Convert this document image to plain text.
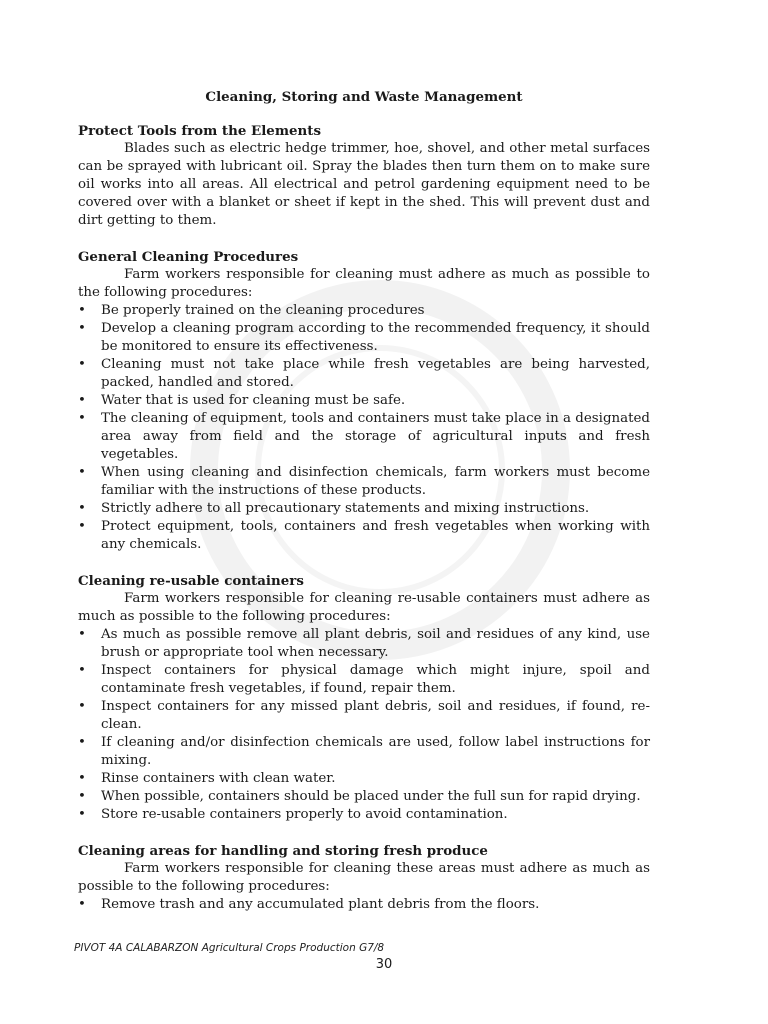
Cleaning, Storing and Waste Management
Protect Tools from the Elements

Blades such as electric hedge trimmer, hoe, shovel, and other metal surfaces can be sprayed with lubricant oil. Spray the blades then turn them on to make sure oil works into all areas. All electrical and petrol gardening equipment need to be covered over with a blanket or sheet if kept in the shed. This will prevent dust and dirt getting to them.

General Cleaning Procedures

Farm workers responsible for cleaning must adhere as much as possible to the following procedures:

• Be properly trained on the cleaning procedures
• Develop a cleaning program according to the recommended frequency, it should be monitored to ensure its effectiveness.
• Cleaning must not take place while fresh vegetables are being harvested, packed, handled and stored.
• Water that is used for cleaning must be safe.
• The cleaning of equipment, tools and containers must take place in a designated area away from field and the storage of agricultural inputs and fresh vegetables.
• When using cleaning and disinfection chemicals, farm workers must become familiar with the instructions of these products.
• Strictly adhere to all precautionary statements and mixing instructions.
• Protect equipment, tools, containers and fresh vegetables when working with any chemicals.
Cleaning re-usable containers

Farm workers responsible for cleaning re-usable containers must adhere as much as possible to the following procedures:

• As much as possible remove all plant debris, soil and residues of any kind, use brush or appropriate tool when necessary.
• Inspect containers for physical damage which might injure, spoil and contaminate fresh vegetables, if found, repair them.
• Inspect containers for any missed plant debris, soil and residues, if found, re-clean.
• If cleaning and/or disinfection chemicals are used, follow label instructions for mixing.
• Rinse containers with clean water.
• When possible, containers should be placed under the full sun for rapid drying.
• Store re-usable containers properly to avoid contamination.
Cleaning areas for handling and storing fresh produce

Farm workers responsible for cleaning these areas must adhere as much as possible to the following procedures:

• Remove trash and any accumulated plant debris from the floors.
PIVOT 4A CALABARZON Agricultural Crops Production G7/8
30
